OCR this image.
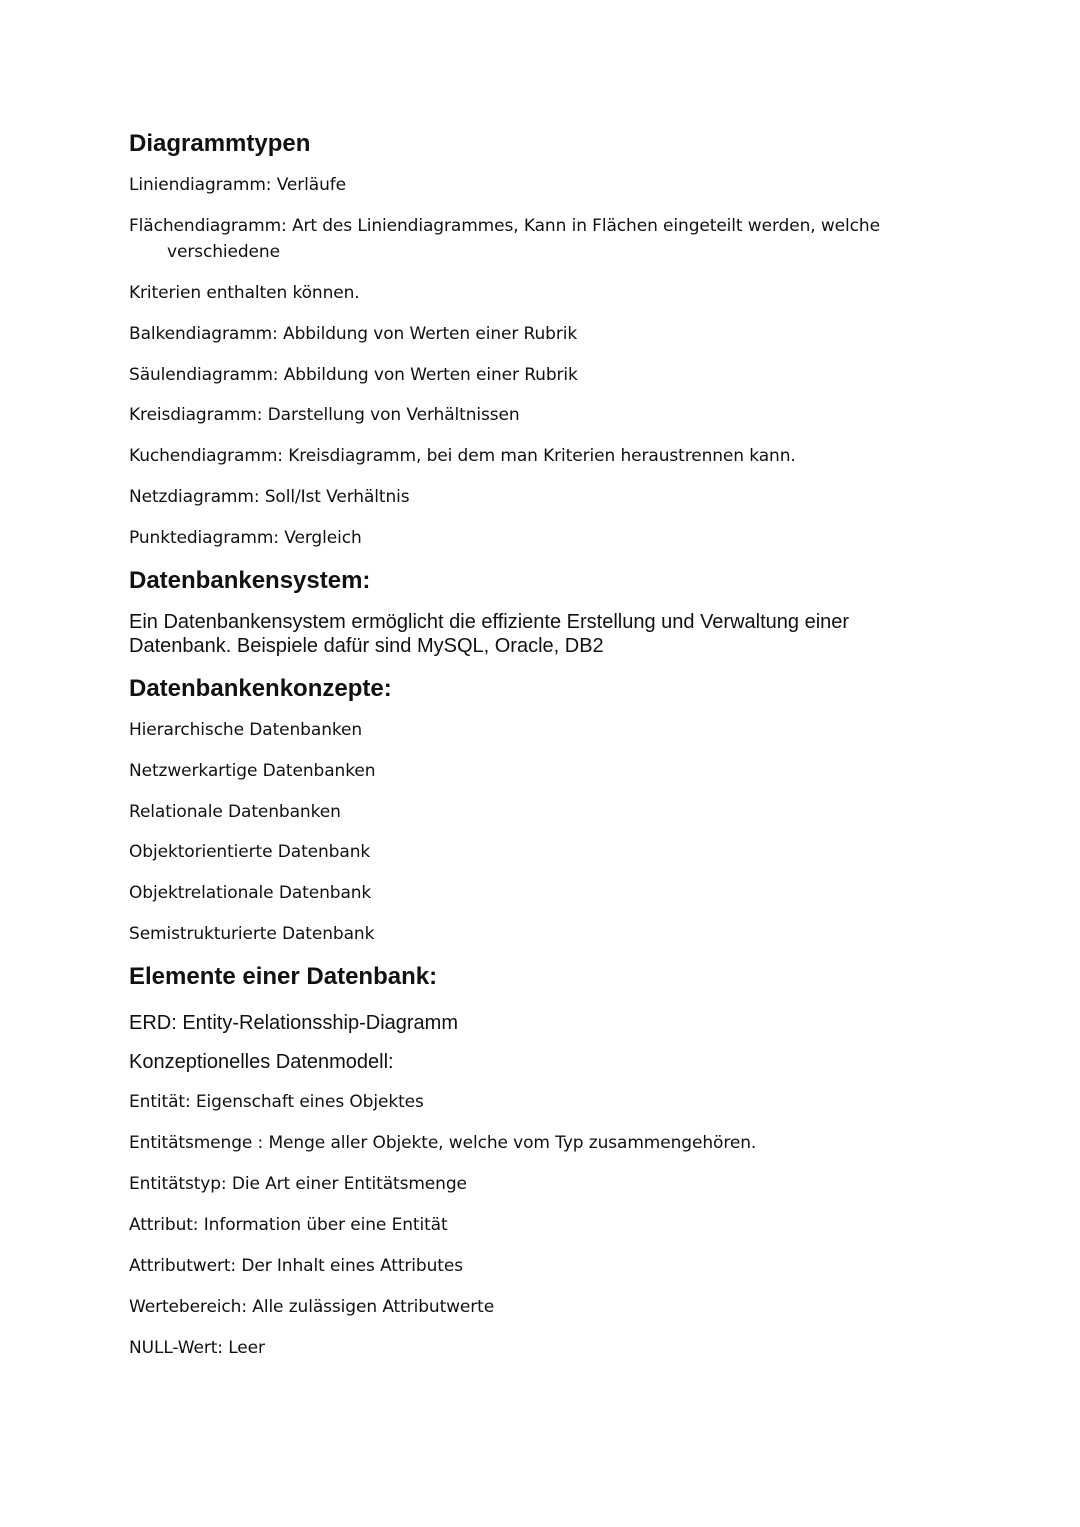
Diagrammtypen

Liniendiagramm: Verläufe

Flächendiagramm: Art des Liniendiagrammes, Kann in Flächen eingeteilt werden, welche

verschiedene

Kriterien enthalten können.

Balkendiagramm: Abbildung von Werten einer Rubrik

Säulendiagramm: Abbildung von Werten einer Rubrik

Kreisdiagramm: Darstellung von Verhältnissen

Kuchendiagramm: Kreisdiagramm, bei dem man Kriterien heraustrennen kann.

Netzdiagramm: Soll/Ist Verhältnis

Punktediagramm: Vergleich

Datenbankensystem:

Ein Datenbankensystem ermöglicht die effiziente Erstellung und Verwaltung einer

Datenbank. Beispiele dafür sind MySQL, Oracle, DB2

Datenbankenkonzepte:

Hierarchische Datenbanken

Netzwerkartige Datenbanken

Relationale Datenbanken

Objektorientierte Datenbank

Objektrelationale Datenbank

Semistrukturierte Datenbank

Elemente einer Datenbank:

ERD: Entity-Relationsship-Diagramm

Konzeptionelles Datenmodell:

Entität: Eigenschaft eines Objektes

Entitätsmenge : Menge aller Objekte, welche vom Typ zusammengehören.

Entitätstyp: Die Art einer Entitätsmenge

Attribut: Information über eine Entität

Attributwert: Der Inhalt eines Attributes

Wertebereich: Alle zulässigen Attributwerte

NULL-Wert: Leer
